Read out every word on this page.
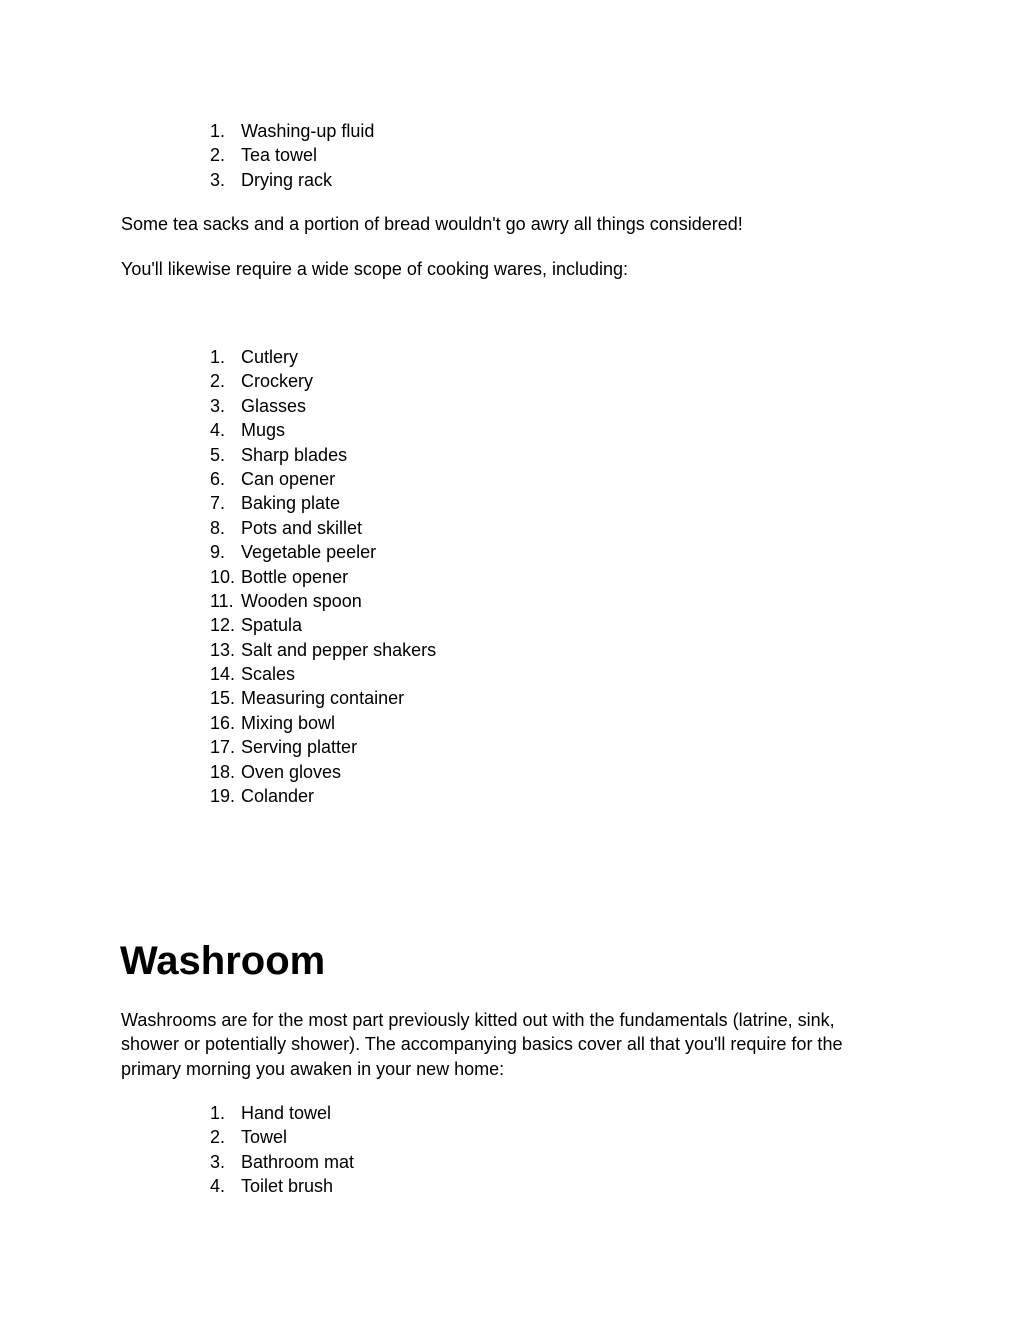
1. Washing-up fluid
2. Tea towel
3. Drying rack

Some tea sacks and a portion of bread wouldn't go awry all things considered!

You'll likewise require a wide scope of cooking wares, including:

1. Cutlery
2. Crockery
3. Glasses
4. Mugs
5. Sharp blades
6. Can opener
7. Baking plate
8. Pots and skillet
9. Vegetable peeler
10. Bottle opener
11. Wooden spoon
12. Spatula
13. Salt and pepper shakers
14. Scales
15. Measuring container
16. Mixing bowl
17. Serving platter
18. Oven gloves
19. Colander
Washroom

Washrooms are for the most part previously kitted out with the fundamentals (latrine, sink, shower or potentially shower). The accompanying basics cover all that you'll require for the primary morning you awaken in your new home:

1. Hand towel
2. Towel
3. Bathroom mat
4. Toilet brush
